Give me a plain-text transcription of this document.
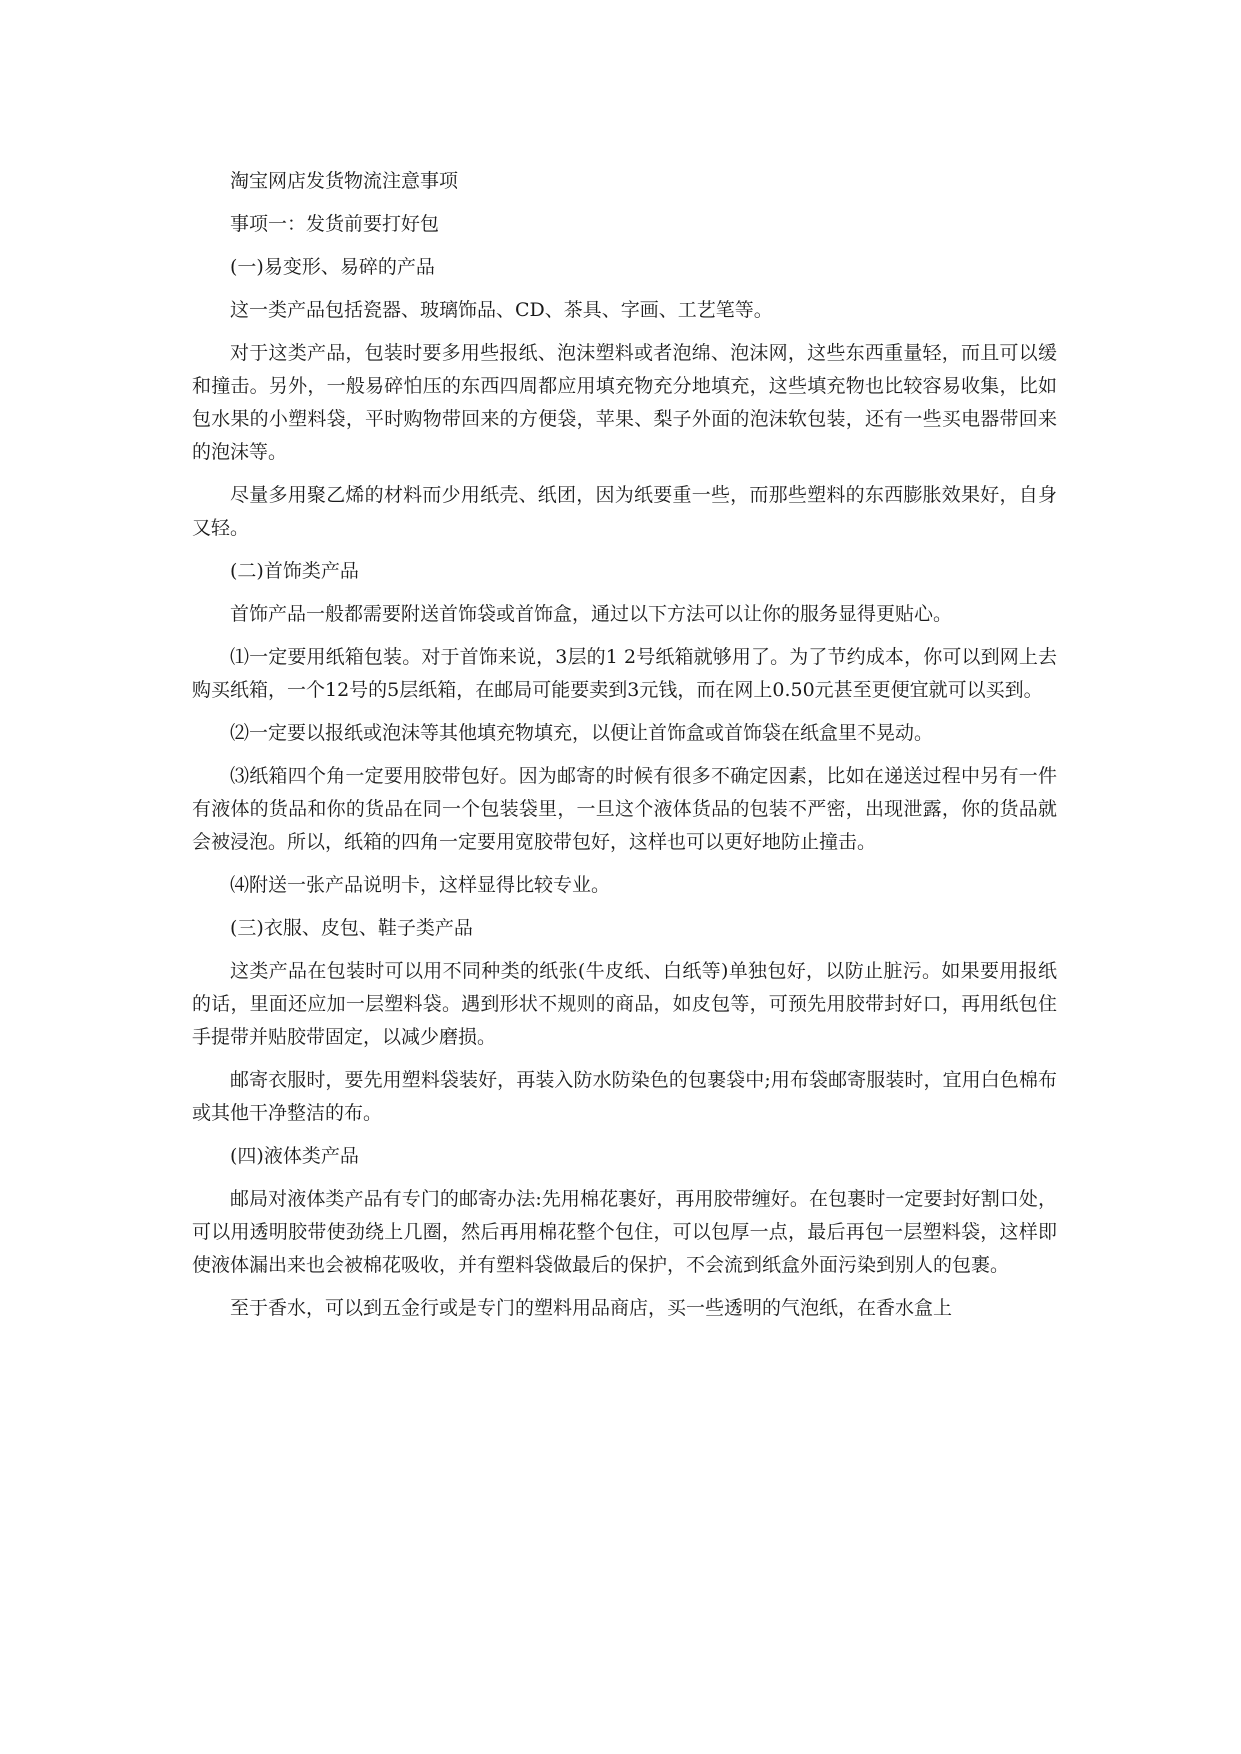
淘宝网店发货物流注意事项

事项一：发货前要打好包

(一)易变形、易碎的产品

这一类产品包括瓷器、玻璃饰品、CD、茶具、字画、工艺笔等。

对于这类产品，包装时要多用些报纸、泡沫塑料或者泡绵、泡沫网，这些东西重量轻，而且可以缓和撞击。另外，一般易碎怕压的东西四周都应用填充物充分地填充，这些填充物也比较容易收集，比如包水果的小塑料袋，平时购物带回来的方便袋，苹果、梨子外面的泡沫软包装，还有一些买电器带回来的泡沫等。

尽量多用聚乙烯的材料而少用纸壳、纸团，因为纸要重一些，而那些塑料的东西膨胀效果好，自身又轻。

(二)首饰类产品

首饰产品一般都需要附送首饰袋或首饰盒，通过以下方法可以让你的服务显得更贴心。

⑴一定要用纸箱包装。对于首饰来说，3层的1 2号纸箱就够用了。为了节约成本，你可以到网上去购买纸箱，一个12号的5层纸箱，在邮局可能要卖到3元钱，而在网上0.50元甚至更便宜就可以买到。

⑵一定要以报纸或泡沫等其他填充物填充，以便让首饰盒或首饰袋在纸盒里不晃动。

⑶纸箱四个角一定要用胶带包好。因为邮寄的时候有很多不确定因素，比如在递送过程中另有一件有液体的货品和你的货品在同一个包装袋里，一旦这个液体货品的包装不严密，出现泄露，你的货品就会被浸泡。所以，纸箱的四角一定要用宽胶带包好，这样也可以更好地防止撞击。

⑷附送一张产品说明卡，这样显得比较专业。

(三)衣服、皮包、鞋子类产品

这类产品在包装时可以用不同种类的纸张(牛皮纸、白纸等)单独包好，以防止脏污。如果要用报纸的话，里面还应加一层塑料袋。遇到形状不规则的商品，如皮包等，可预先用胶带封好口，再用纸包住手提带并贴胶带固定，以减少磨损。

邮寄衣服时，要先用塑料袋装好，再装入防水防染色的包裹袋中;用布袋邮寄服装时，宜用白色棉布或其他干净整洁的布。

(四)液体类产品

邮局对液体类产品有专门的邮寄办法:先用棉花裹好，再用胶带缠好。在包裹时一定要封好割口处，可以用透明胶带使劲绕上几圈，然后再用棉花整个包住，可以包厚一点，最后再包一层塑料袋，这样即使液体漏出来也会被棉花吸收，并有塑料袋做最后的保护，不会流到纸盒外面污染到别人的包裹。

至于香水，可以到五金行或是专门的塑料用品商店，买一些透明的气泡纸，在香水盒上
